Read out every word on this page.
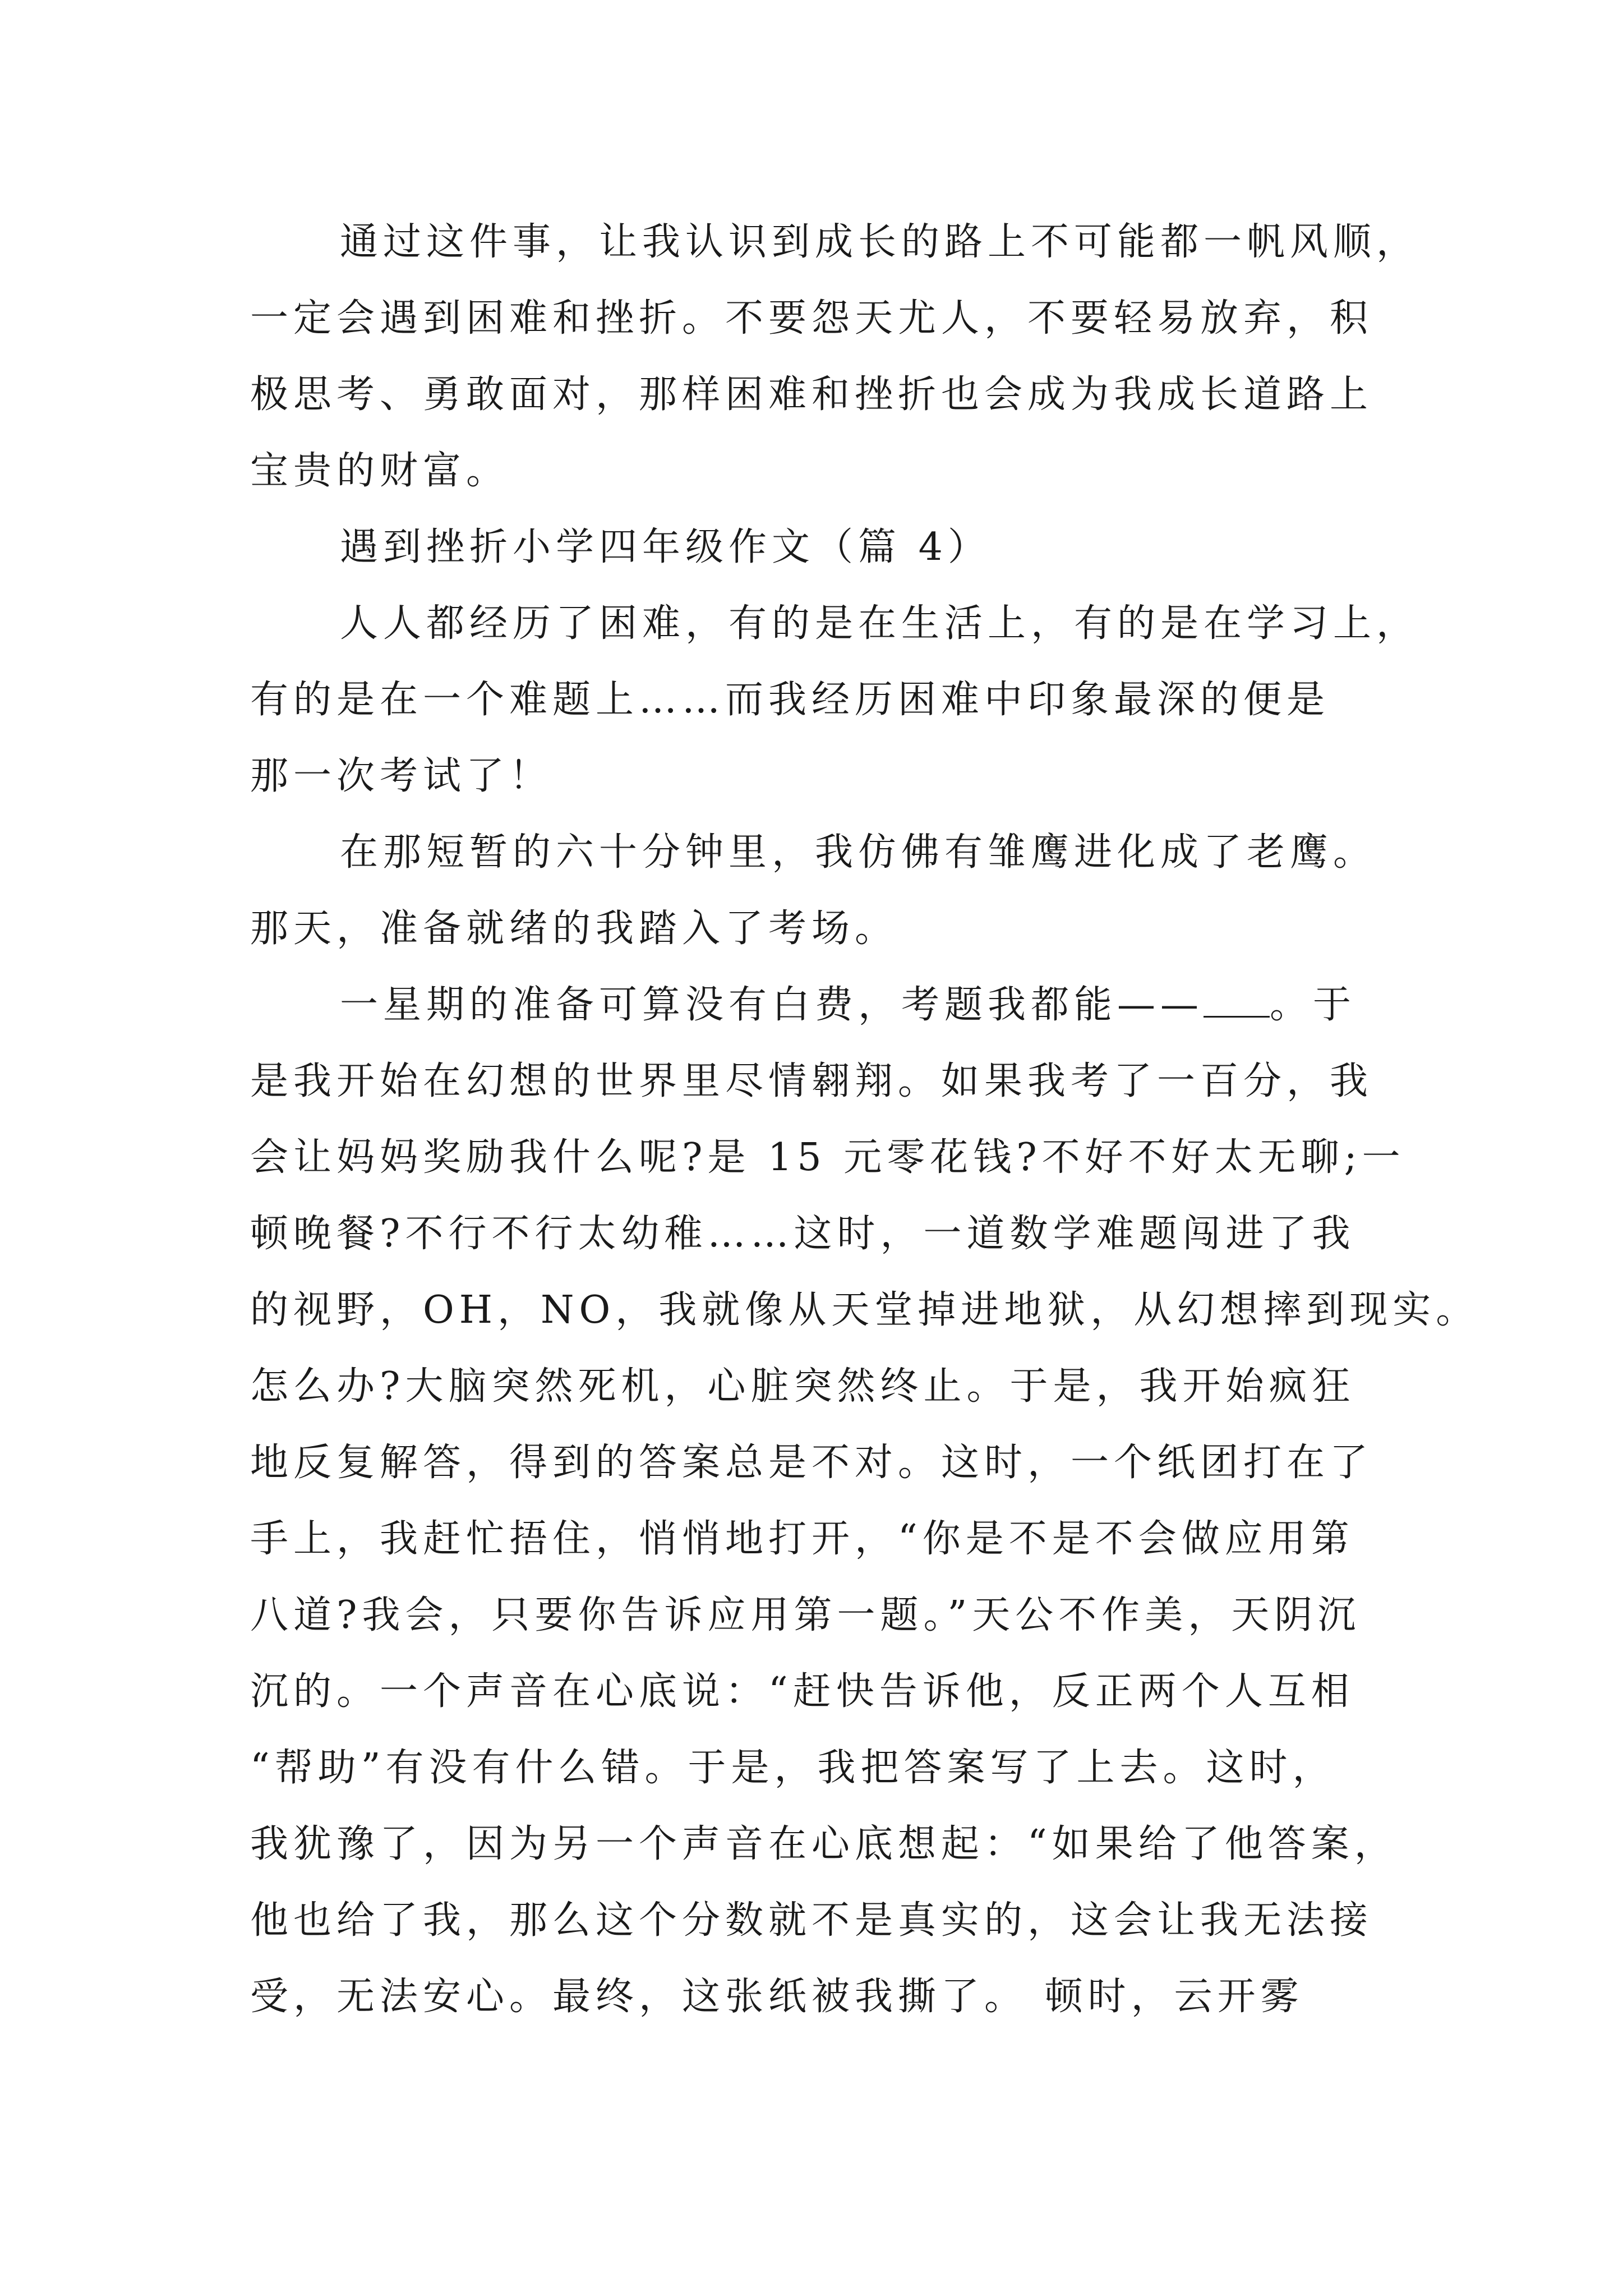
通过这件事，让我认识到成长的路上不可能都一帆风顺，
一定会遇到困难和挫折。不要怨天尤人，不要轻易放弃，积
极思考、勇敢面对，那样困难和挫折也会成为我成长道路上
宝贵的财富。
遇到挫折小学四年级作文（篇 4）
人人都经历了困难，有的是在生活上，有的是在学习上，
有的是在一个难题上……而我经历困难中印象最深的便是
那一次考试了！
在那短暂的六十分钟里，我仿佛有雏鹰进化成了老鹰。
那天，准备就绪的我踏入了考场。
一星期的准备可算没有白费，考题我都能—— 。于
是我开始在幻想的世界里尽情翱翔。如果我考了一百分，我
会让妈妈奖励我什么呢?是 15 元零花钱?不好不好太无聊;一
顿晚餐?不行不行太幼稚……这时，一道数学难题闯进了我
的视野，OH，NO，我就像从天堂掉进地狱，从幻想摔到现实。
怎么办?大脑突然死机，心脏突然终止。于是，我开始疯狂
地反复解答，得到的答案总是不对。这时，一个纸团打在了
手上，我赶忙捂住，悄悄地打开，“你是不是不会做应用第
八道?我会，只要你告诉应用第一题。”天公不作美，天阴沉
沉的。一个声音在心底说：“赶快告诉他，反正两个人互相
“帮助”有没有什么错。于是，我把答案写了上去。这时，
我犹豫了，因为另一个声音在心底想起：“如果给了他答案，
他也给了我，那么这个分数就不是真实的，这会让我无法接
受，无法安心。最终，这张纸被我撕了。 顿时，云开雾
